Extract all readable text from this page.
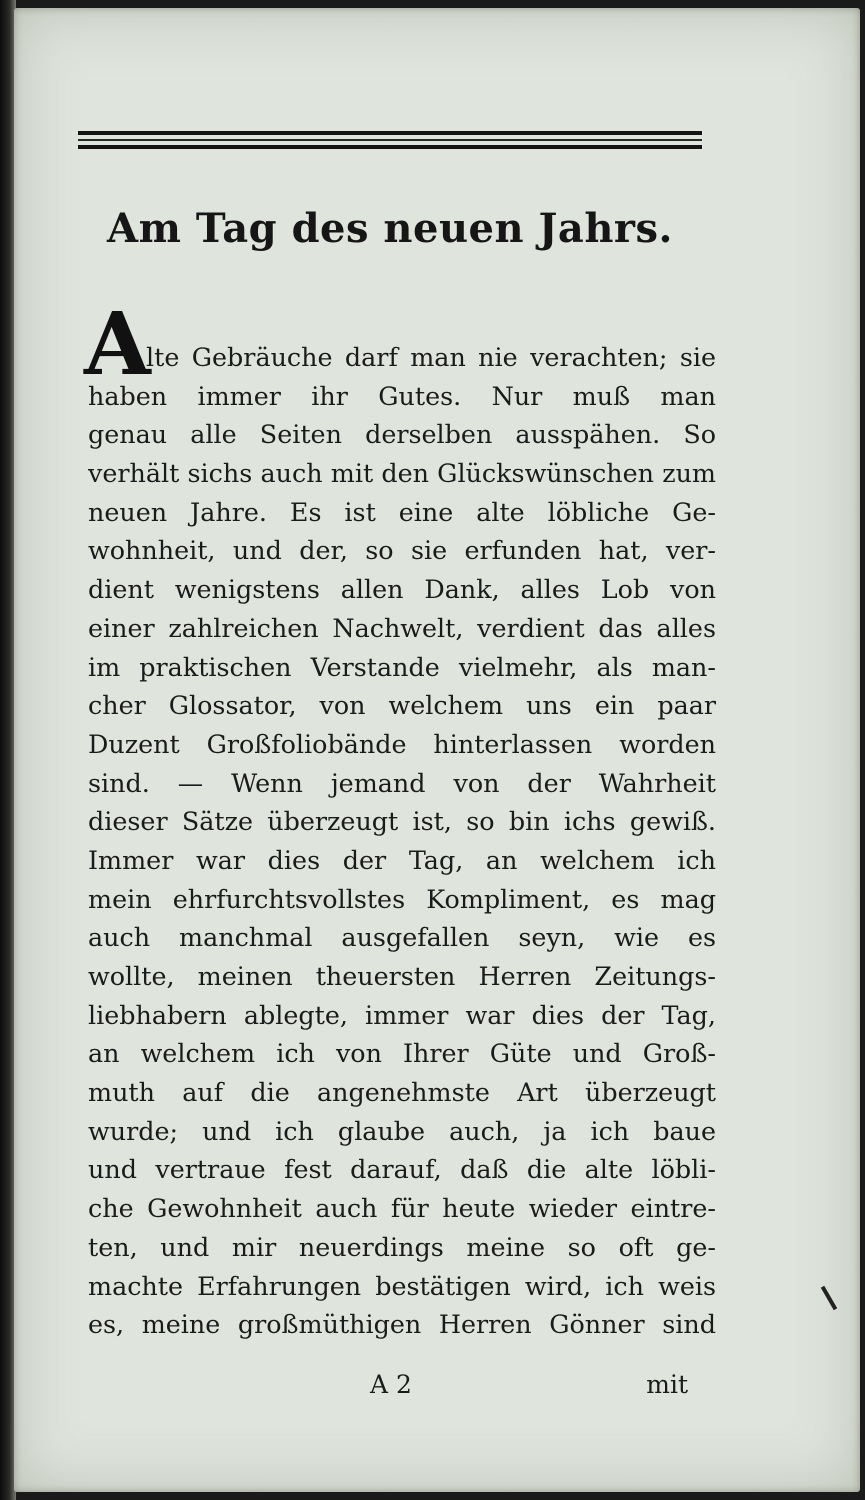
Am Tag des neuen Jahrs.
A
lte Gebräuche darf man nie verachten; sie
haben immer ihr Gutes. Nur muß man
genau alle Seiten derselben ausspähen. So
verhält sichs auch mit den Glückswünschen zum
neuen Jahre. Es ist eine alte löbliche Ge-
wohnheit, und der, so sie erfunden hat, ver-
dient wenigstens allen Dank, alles Lob von
einer zahlreichen Nachwelt, verdient das alles
im praktischen Verstande vielmehr, als man-
cher Glossator, von welchem uns ein paar
Duzent Großfoliobände hinterlassen worden
sind. — Wenn jemand von der Wahrheit
dieser Sätze überzeugt ist, so bin ichs gewiß.
Immer war dies der Tag, an welchem ich
mein ehrfurchtsvollstes Kompliment, es mag
auch manchmal ausgefallen seyn, wie es
wollte, meinen theuersten Herren Zeitungs-
liebhabern ablegte, immer war dies der Tag,
an welchem ich von Ihrer Güte und Groß-
muth auf die angenehmste Art überzeugt
wurde; und ich glaube auch, ja ich baue
und vertraue fest darauf, daß die alte löbli-
che Gewohnheit auch für heute wieder eintre-
ten, und mir neuerdings meine so oft ge-
machte Erfahrungen bestätigen wird, ich weis
es, meine großmüthigen Herren Gönner sind
A 2	mit
